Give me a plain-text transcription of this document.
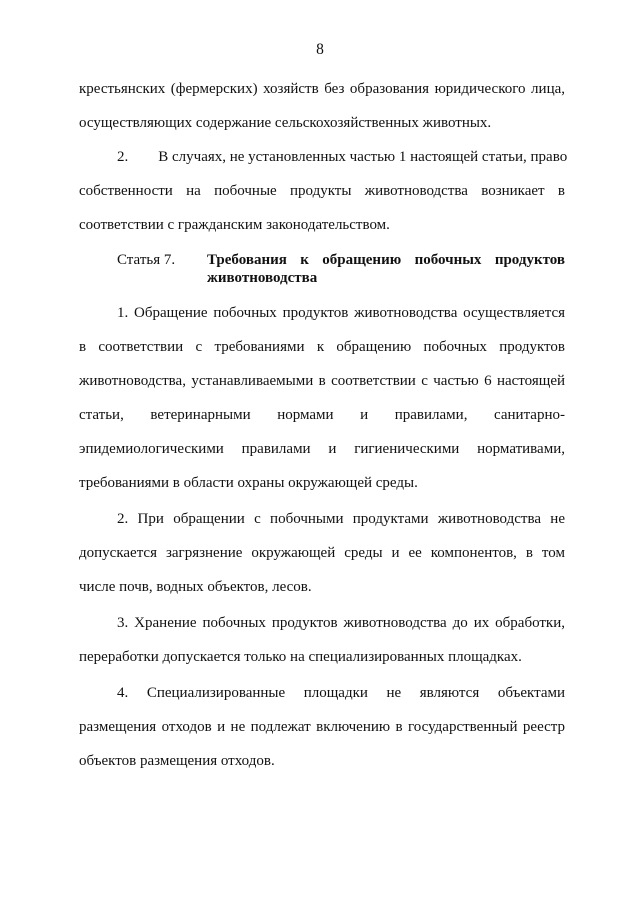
8
крестьянских (фермерских) хозяйств без образования юридического лица,
осуществляющих содержание сельскохозяйственных животных.
2.        В случаях, не установленных частью 1 настоящей статьи, право
собственности на побочные продукты животноводства возникает в
соответствии с гражданским законодательством.
Статья 7. Требования к обращению побочных продуктов
животноводства
1. Обращение побочных продуктов животноводства осуществляется
в соответствии с требованиями к обращению побочных продуктов
животноводства, устанавливаемыми в соответствии с частью 6 настоящей
статьи, ветеринарными нормами и правилами, санитарно-
эпидемиологическими правилами и гигиеническими нормативами,
требованиями в области охраны окружающей среды.
2. При обращении с побочными продуктами животноводства не
допускается загрязнение окружающей среды и ее компонентов, в том
числе почв, водных объектов, лесов.
3. Хранение побочных продуктов животноводства до их обработки,
переработки допускается только на специализированных площадках.
4. Специализированные площадки не являются объектами
размещения отходов и не подлежат включению в государственный реестр
объектов размещения отходов.
